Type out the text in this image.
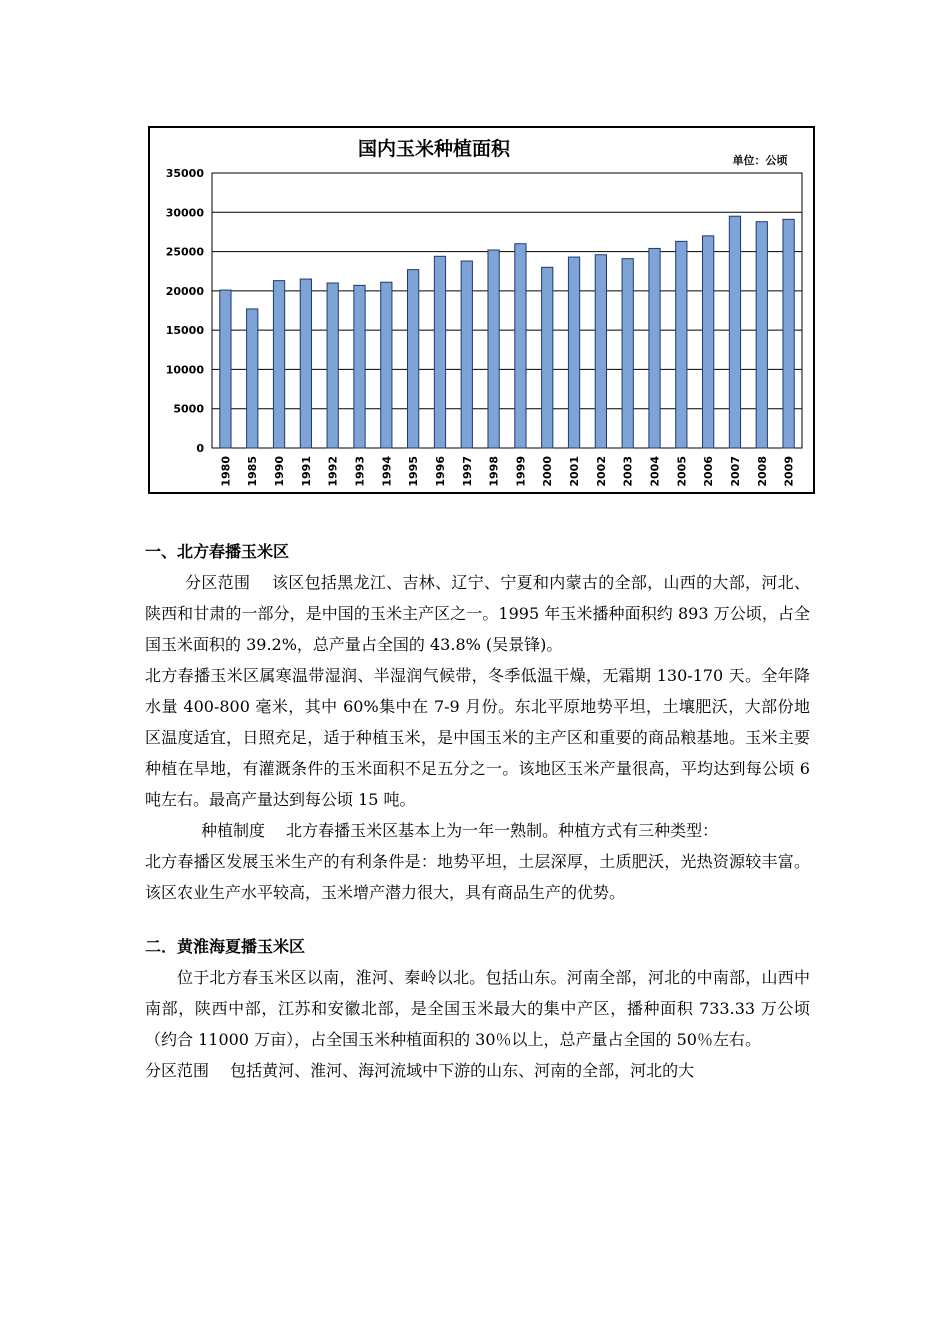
国内玉米种植面积
单位：公顷
0
5000
10000
15000
20000
25000
30000
35000
1980 1985 1990 1991 1992 1993 1994 1995 1996 1997 1998 1999 2000 2001 2002 2003 2004 2005 2006 2007 2008 2009
一、北方春播玉米区

分区范围　 该区包括黑龙江、吉林、辽宁、宁夏和内蒙古的全部，山西的大部，河北、陕西和甘肃的一部分，是中国的玉米主产区之一。1995 年玉米播种面积约 893 万公顷，占全国玉米面积的 39.2%，总产量占全国的 43.8% (吴景锋)。

北方春播玉米区属寒温带湿润、半湿润气候带，冬季低温干燥，无霜期 130-170 天。全年降水量 400-800 毫米，其中 60%集中在 7-9 月份。东北平原地势平坦，土壤肥沃，大部份地区温度适宜，日照充足，适于种植玉米，是中国玉米的主产区和重要的商品粮基地。玉米主要种植在旱地，有灌溉条件的玉米面积不足五分之一。该地区玉米产量很高，平均达到每公顷 6 吨左右。最高产量达到每公顷 15 吨。

种植制度　 北方春播玉米区基本上为一年一熟制。种植方式有三种类型：

北方春播区发展玉米生产的有利条件是：地势平坦，土层深厚，土质肥沃，光热资源较丰富。该区农业生产水平较高，玉米增产潜力很大，具有商品生产的优势。

二．黄淮海夏播玉米区

位于北方春玉米区以南，淮河、秦岭以北。包括山东。河南全部，河北的中南部，山西中南部，陕西中部，江苏和安徽北部，是全国玉米最大的集中产区，播种面积 733.33 万公顷（约合 11000 万亩），占全国玉米种植面积的 30％以上，总产量占全国的 50％左右。

分区范围　 包括黄河、淮河、海河流域中下游的山东、河南的全部，河北的大
